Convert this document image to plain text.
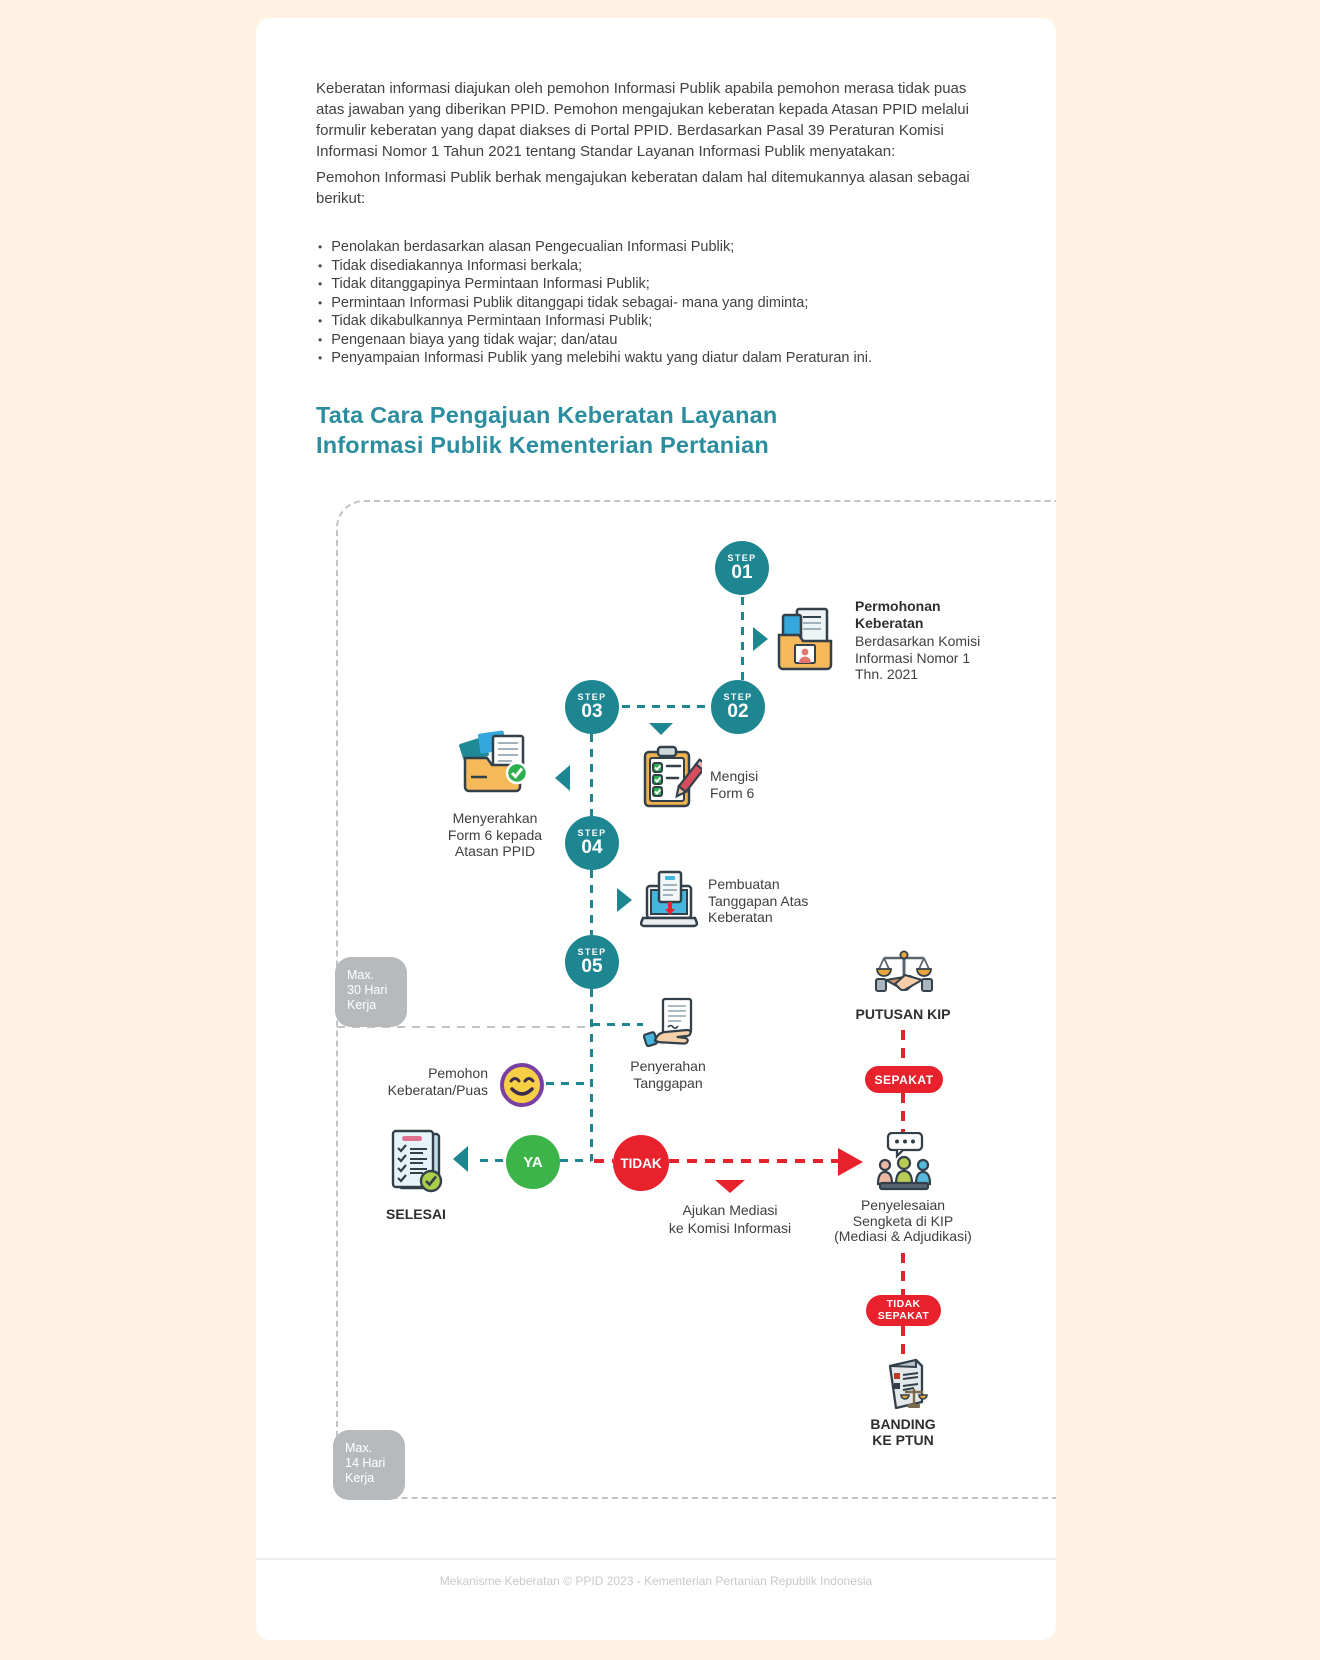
Keberatan informasi diajukan oleh pemohon Informasi Publik apabila pemohon merasa tidak puas
atas jawaban yang diberikan PPID. Pemohon mengajukan keberatan kepada Atasan PPID melalui
formulir keberatan yang dapat diakses di Portal PPID. Berdasarkan Pasal 39 Peraturan Komisi
Informasi Nomor 1 Tahun 2021 tentang Standar Layanan Informasi Publik menyatakan:
Pemohon Informasi Publik berhak mengajukan keberatan dalam hal ditemukannya alasan sebagai
berikut:
• Penolakan berdasarkan alasan Pengecualian Informasi Publik;
• Tidak disediakannya Informasi berkala;
• Tidak ditanggapinya Permintaan Informasi Publik;
• Permintaan Informasi Publik ditanggapi tidak sebagai- mana yang diminta;
• Tidak dikabulkannya Permintaan Informasi Publik;
• Pengenaan biaya yang tidak wajar; dan/atau
• Penyampaian Informasi Publik yang melebihi waktu yang diatur dalam Peraturan ini.
Tata Cara Pengajuan Keberatan Layanan
Informasi Publik Kementerian Pertanian
Max.
30 Hari
Kerja
Max.
14 Hari
Kerja
STEP
01
STEP
02
STEP
03
STEP
04
STEP
05
Permohonan
Keberatan
Berdasarkan Komisi
Informasi Nomor 1
Thn. 2021
Mengisi
Form 6
Menyerahkan
Form 6 kepada
Atasan PPID
Pembuatan
Tanggapan Atas
Keberatan
Penyerahan
Tanggapan
Pemohon
Keberatan/Puas
SELESAI
YA	TIDAK
Ajukan Mediasi
ke Komisi Informasi
PUTUSAN KIP
SEPAKAT
Penyelesaian
Sengketa di KIP
(Mediasi & Adjudikasi)
TIDAK
SEPAKAT
BANDING
KE PTUN
Mekanisme Keberatan © PPID 2023 - Kementerian Pertanian Republik Indonesia
